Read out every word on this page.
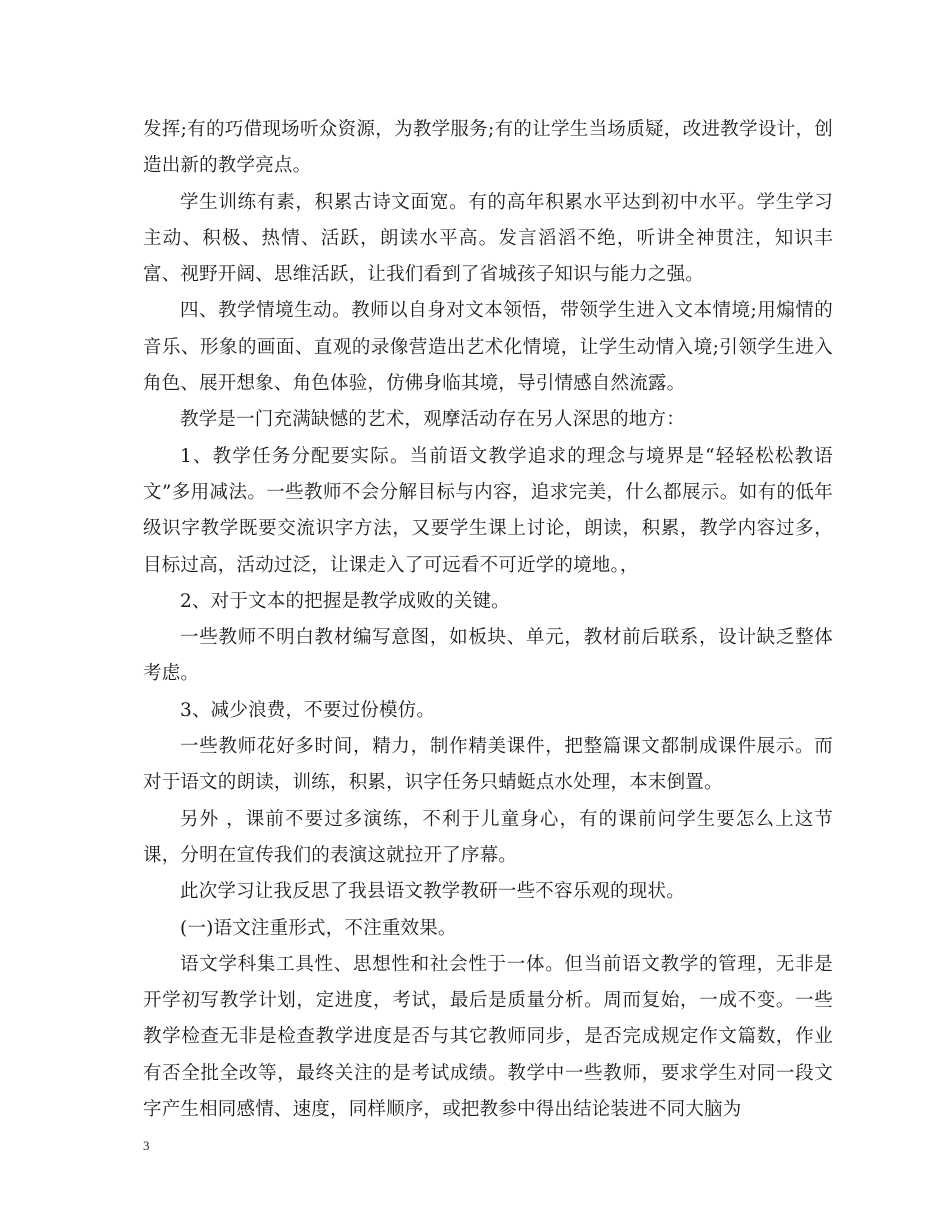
发挥;有的巧借现场听众资源，为教学服务;有的让学生当场质疑，改进教学设计，创造出新的教学亮点。

学生训练有素，积累古诗文面宽。有的高年积累水平达到初中水平。学生学习主动、积极、热情、活跃，朗读水平高。发言滔滔不绝，听讲全神贯注，知识丰富、视野开阔、思维活跃，让我们看到了省城孩子知识与能力之强。

四、教学情境生动。教师以自身对文本领悟，带领学生进入文本情境;用煽情的音乐、形象的画面、直观的录像营造出艺术化情境，让学生动情入境;引领学生进入角色、展开想象、角色体验，仿佛身临其境，导引情感自然流露。

教学是一门充满缺憾的艺术，观摩活动存在另人深思的地方：

1、教学任务分配要实际。当前语文教学追求的理念与境界是“轻轻松松教语文”多用减法。一些教师不会分解目标与内容，追求完美，什么都展示。如有的低年级识字教学既要交流识字方法，又要学生课上讨论，朗读，积累，教学内容过多，目标过高，活动过泛，让课走入了可远看不可近学的境地。，

2、对于文本的把握是教学成败的关键。

一些教师不明白教材编写意图，如板块、单元，教材前后联系，设计缺乏整体考虑。

3、减少浪费，不要过份模仿。

一些教师花好多时间，精力，制作精美课件，把整篇课文都制成课件展示。而对于语文的朗读，训练，积累，识字任务只蜻蜓点水处理，本末倒置。

另外 ，课前不要过多演练，不利于儿童身心，有的课前问学生要怎么上这节课，分明在宣传我们的表演这就拉开了序幕。

此次学习让我反思了我县语文教学教研一些不容乐观的现状。

(一)语文注重形式，不注重效果。

语文学科集工具性、思想性和社会性于一体。但当前语文教学的管理，无非是开学初写教学计划，定进度，考试，最后是质量分析。周而复始，一成不变。一些教学检查无非是检查教学进度是否与其它教师同步，是否完成规定作文篇数，作业有否全批全改等，最终关注的是考试成绩。教学中一些教师，要求学生对同一段文字产生相同感情、速度，同样顺序，或把教参中得出结论装进不同大脑为

3
